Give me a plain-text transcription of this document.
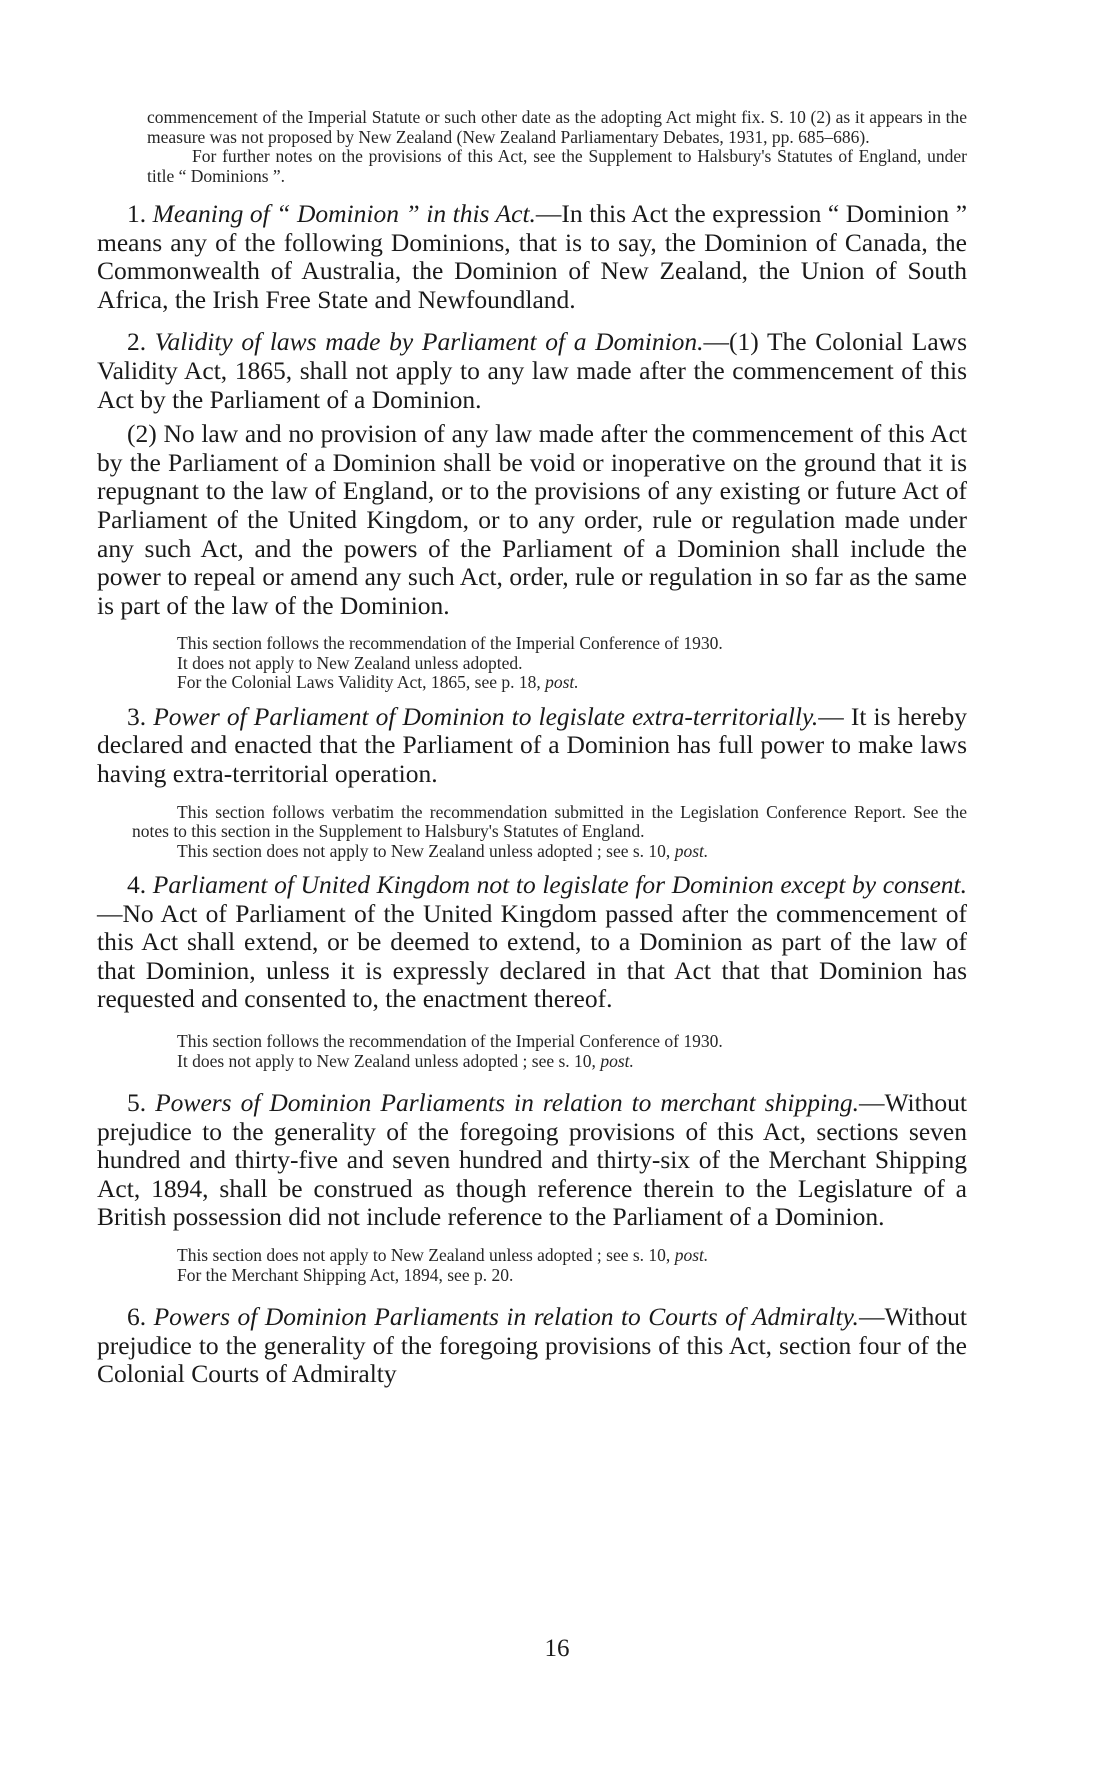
commencement of the Imperial Statute or such other date as the adopting Act might fix. S. 10 (2) as it appears in the measure was not proposed by New Zealand (New Zealand Parliamentary Debates, 1931, pp. 685–686).

For further notes on the provisions of this Act, see the Supplement to Halsbury's Statutes of England, under title “ Dominions ”.

1. Meaning of “ Dominion ” in this Act.—In this Act the expression “ Dominion ” means any of the following Dominions, that is to say, the Dominion of Canada, the Commonwealth of Australia, the Dominion of New Zealand, the Union of South Africa, the Irish Free State and Newfoundland.

2. Validity of laws made by Parliament of a Dominion.—(1) The Colonial Laws Validity Act, 1865, shall not apply to any law made after the commencement of this Act by the Parliament of a Dominion.

(2) No law and no provision of any law made after the commencement of this Act by the Parliament of a Dominion shall be void or inoperative on the ground that it is repugnant to the law of England, or to the provisions of any existing or future Act of Parliament of the United Kingdom, or to any order, rule or regulation made under any such Act, and the powers of the Parliament of a Dominion shall include the power to repeal or amend any such Act, order, rule or regulation in so far as the same is part of the law of the Dominion.

This section follows the recommendation of the Imperial Conference of 1930.

It does not apply to New Zealand unless adopted.

For the Colonial Laws Validity Act, 1865, see p. 18, post.

3. Power of Parliament of Dominion to legislate extra-territorially.— It is hereby declared and enacted that the Parliament of a Dominion has full power to make laws having extra-territorial operation.

This section follows verbatim the recommendation submitted in the Legislation Conference Report. See the notes to this section in the Supplement to Halsbury's Statutes of England.

This section does not apply to New Zealand unless adopted ; see s. 10, post.

4. Parliament of United Kingdom not to legislate for Dominion except by consent.—No Act of Parliament of the United Kingdom passed after the commencement of this Act shall extend, or be deemed to extend, to a Dominion as part of the law of that Dominion, unless it is expressly declared in that Act that that Dominion has requested and consented to, the enactment thereof.

This section follows the recommendation of the Imperial Conference of 1930.

It does not apply to New Zealand unless adopted ; see s. 10, post.

5. Powers of Dominion Parliaments in relation to merchant shipping.—Without prejudice to the generality of the foregoing provisions of this Act, sections seven hundred and thirty-five and seven hundred and thirty-six of the Merchant Shipping Act, 1894, shall be construed as though reference therein to the Legislature of a British possession did not include reference to the Parliament of a Dominion.

This section does not apply to New Zealand unless adopted ; see s. 10, post.

For the Merchant Shipping Act, 1894, see p. 20.

6. Powers of Dominion Parliaments in relation to Courts of Admiralty.—Without prejudice to the generality of the foregoing provisions of this Act, section four of the Colonial Courts of Admiralty

16
